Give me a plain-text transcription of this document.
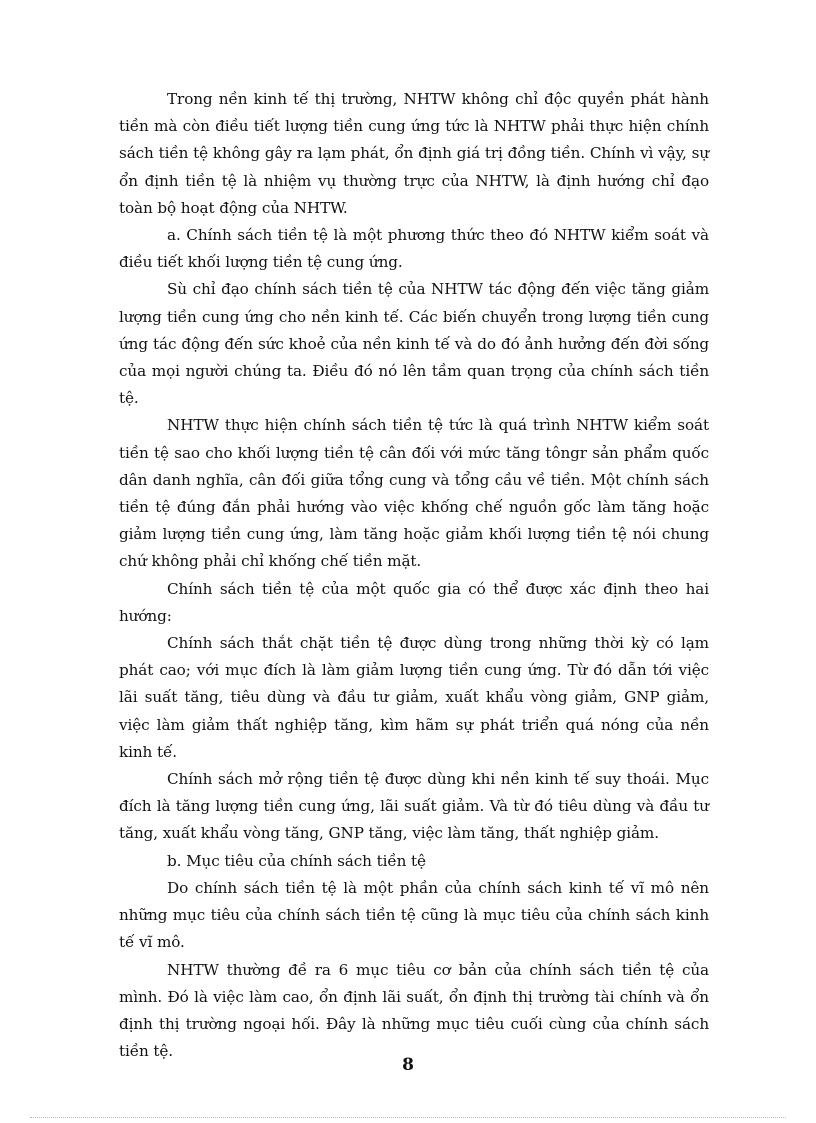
Trong nền kinh tế thị trường, NHTW không chỉ độc quyền phát hành tiền mà còn điều tiết lượng tiền cung ứng tức là NHTW phải thực hiện chính sách tiền tệ không gây ra lạm phát, ổn định giá trị đồng tiền. Chính vì vậy, sự ổn định tiền tệ là nhiệm vụ thường trực của NHTW, là định hướng chỉ đạo toàn bộ hoạt động của NHTW.

a. Chính sách tiền tệ là một phương thức theo đó NHTW kiểm soát và điều tiết khối lượng tiền tệ cung ứng.

Sù chỉ đạo chính sách tiền tệ của NHTW tác động đến việc tăng giảm lượng tiền cung ứng cho nền kinh tế. Các biến chuyển trong lượng tiền cung ứng tác động đến sức khoẻ của nền kinh tế và do đó ảnh hưởng đến đời sống của mọi người chúng ta. Điều đó nó lên tầm quan trọng của chính sách tiền tệ.

NHTW thực hiện chính sách tiền tệ tức là quá trình NHTW kiểm soát tiền tệ sao cho khối lượng tiền tệ cân đối với mức tăng tôngr sản phẩm quốc dân danh nghĩa, cân đối giữa tổng cung và tổng cầu về tiền. Một chính sách tiền tệ đúng đắn phải hướng vào việc khống chế nguồn gốc làm tăng hoặc giảm lượng tiền cung ứng, làm tăng hoặc giảm khối lượng tiền tệ nói chung chứ không phải chỉ khống chế tiền mặt.

Chính sách tiền tệ của một quốc gia có thể được xác định theo hai hướng:

Chính sách thắt chặt tiền tệ được dùng trong những thời kỳ có lạm phát cao; với mục đích là làm giảm lượng tiền cung ứng. Từ đó dẫn tới việc lãi suất tăng, tiêu dùng và đầu tư giảm, xuất khẩu vòng giảm, GNP giảm, việc làm giảm thất nghiệp tăng, kìm hãm sự phát triển quá nóng của nền kinh tế.

Chính sách mở rộng tiền tệ được dùng khi nền kinh tế suy thoái. Mục đích là tăng lượng tiền cung ứng, lãi suất giảm. Và từ đó tiêu dùng và đầu tư tăng, xuất khẩu vòng tăng, GNP tăng, việc làm tăng, thất nghiệp giảm.

b. Mục tiêu của chính sách tiền tệ

Do chính sách tiền tệ là một phần của chính sách kinh tế vĩ mô nên những mục tiêu của chính sách tiền tệ cũng là mục tiêu của chính sách kinh tế vĩ mô.

NHTW thường đề ra 6 mục tiêu cơ bản của chính sách tiền tệ của mình. Đó là việc làm cao, ổn định lãi suất, ổn định thị trường tài chính và ổn định thị trường ngoại hối. Đây là những mục tiêu cuối cùng của chính sách tiền tệ.

8
